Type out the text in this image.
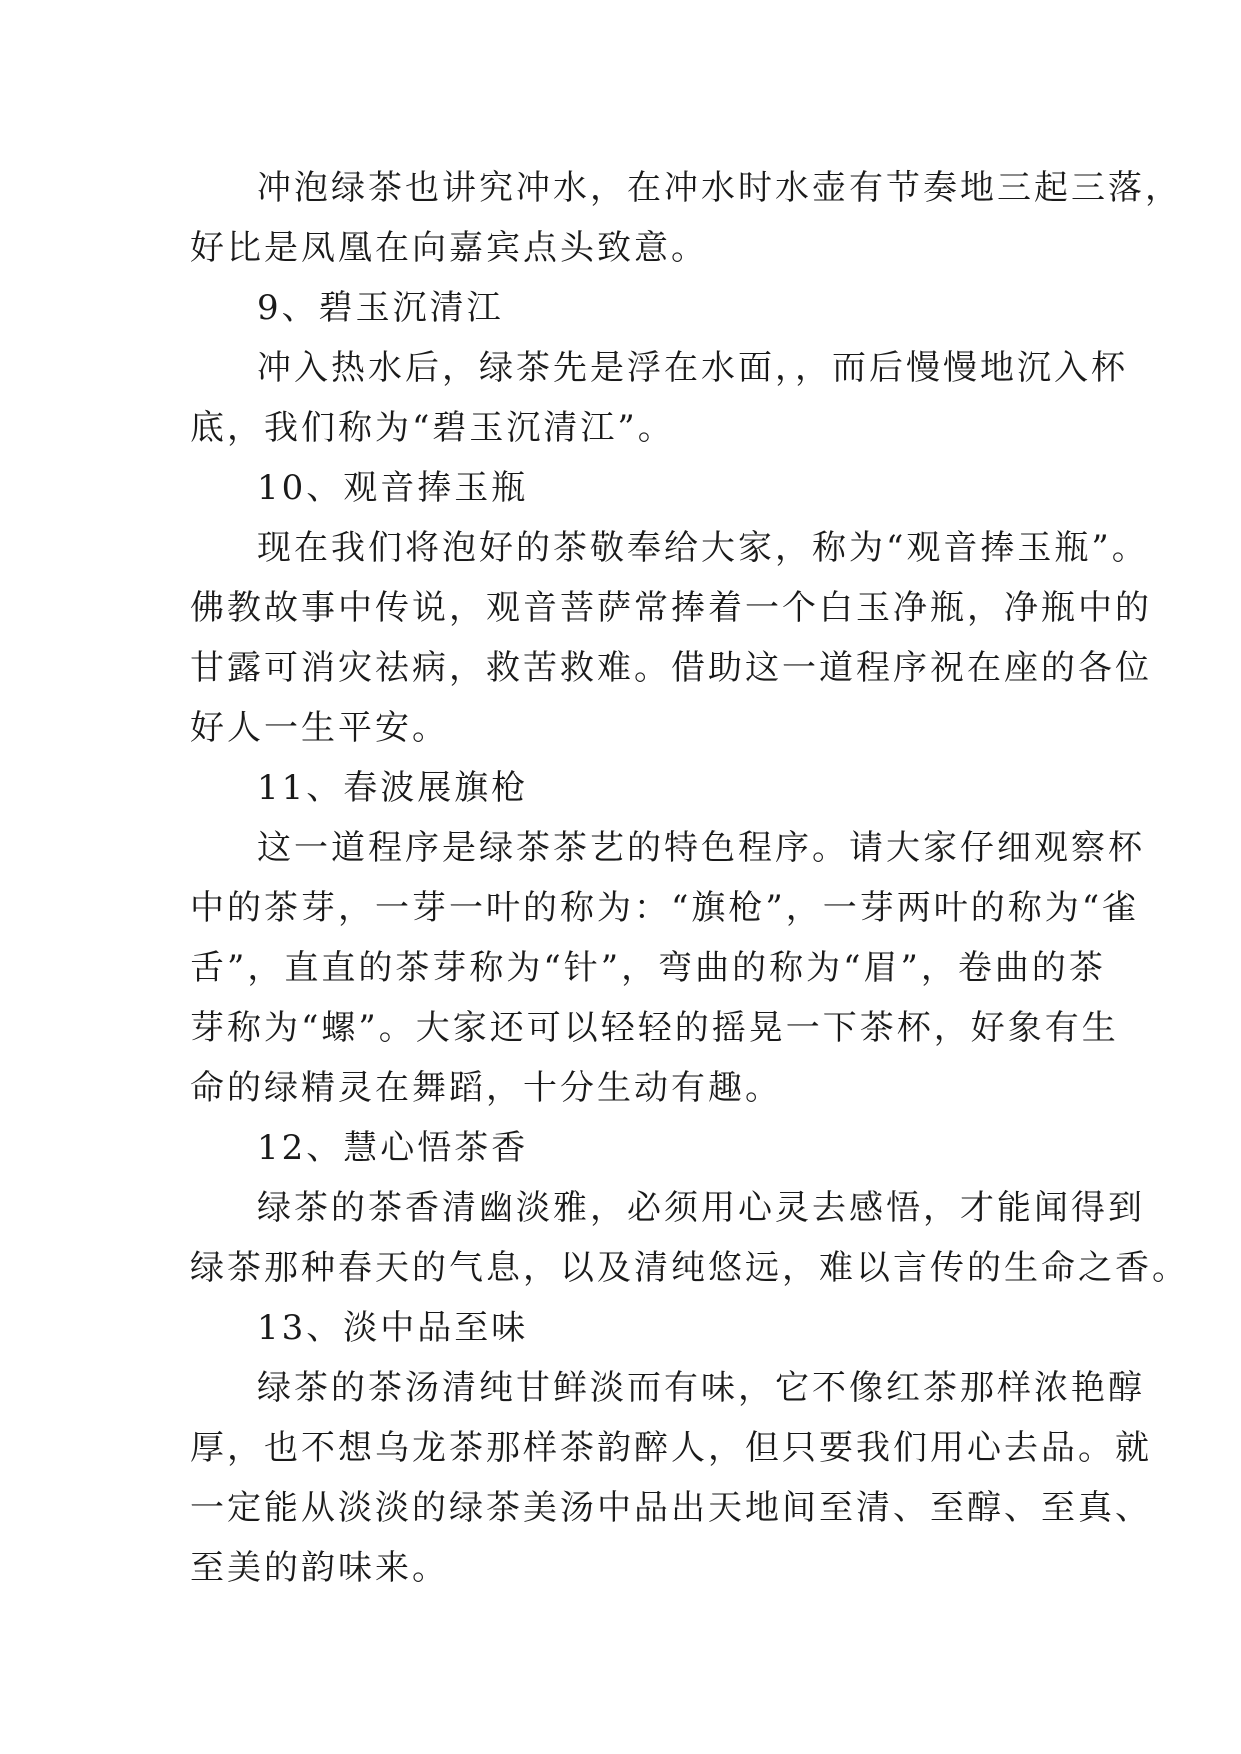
冲泡绿茶也讲究冲水，在冲水时水壶有节奏地三起三落，
好比是凤凰在向嘉宾点头致意。
9、碧玉沉清江
冲入热水后，绿茶先是浮在水面，，而后慢慢地沉入杯
底，我们称为“碧玉沉清江”。
10、观音捧玉瓶
现在我们将泡好的茶敬奉给大家，称为“观音捧玉瓶”。
佛教故事中传说，观音菩萨常捧着一个白玉净瓶，净瓶中的
甘露可消灾祛病，救苦救难。借助这一道程序祝在座的各位
好人一生平安。
11、春波展旗枪
这一道程序是绿茶茶艺的特色程序。请大家仔细观察杯
中的茶芽，一芽一叶的称为：“旗枪”，一芽两叶的称为“雀
舌”，直直的茶芽称为“针”，弯曲的称为“眉”，卷曲的茶
芽称为“螺”。大家还可以轻轻的摇晃一下茶杯，好象有生
命的绿精灵在舞蹈，十分生动有趣。
12、慧心悟茶香
绿茶的茶香清幽淡雅，必须用心灵去感悟，才能闻得到
绿茶那种春天的气息，以及清纯悠远，难以言传的生命之香。
13、淡中品至味
绿茶的茶汤清纯甘鲜淡而有味，它不像红茶那样浓艳醇
厚，也不想乌龙茶那样茶韵醉人，但只要我们用心去品。就
一定能从淡淡的绿茶美汤中品出天地间至清、至醇、至真、
至美的韵味来。
